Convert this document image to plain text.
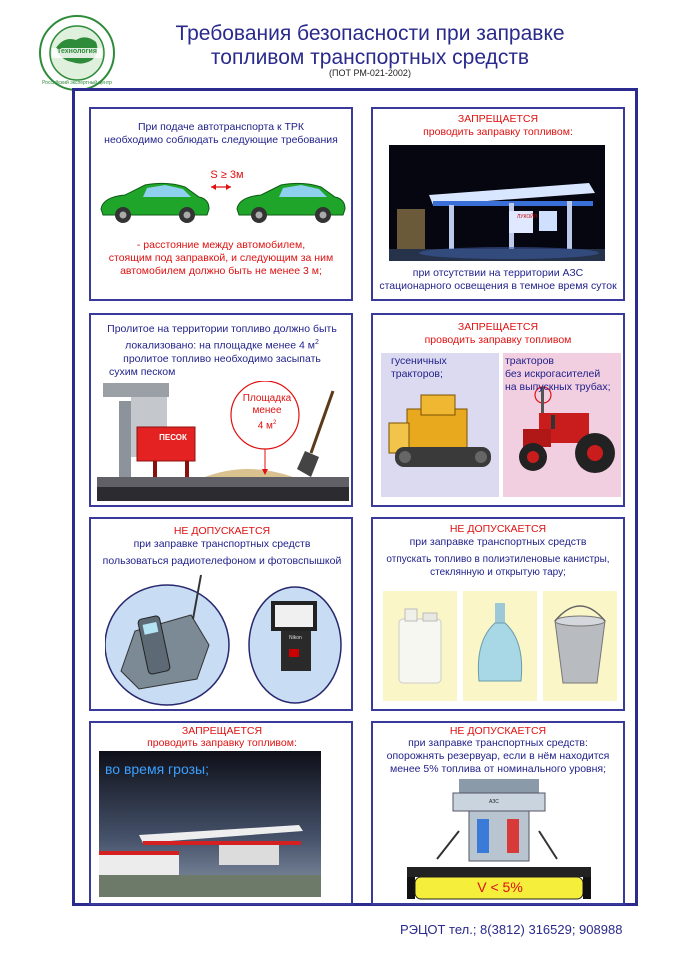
Технология
Российский экспертный центр
Требования безопасности при заправке
топливом транспортных средств
(ПОТ РМ-021-2002)
При подаче автотранспорта к ТРК
необходимо соблюдать следующие требования
S ≥ 3м
- расстояние между автомобилем,
стоящим под заправкой, и следующим за ним
автомобилем должно быть не менее 3 м;
ЗАПРЕЩАЕТСЯ
проводить заправку топливом:
ЛУКОЙЛ
при отсутствии на территории АЗС
стационарного освещения в темное время суток
Пролитое на территории топливо должно быть
локализовано: на площадке менее 4 $м^2$
пролитое топливо необходимо засыпать
сухим песком
ПЕСОК
Площадка
менее
4 $м^2$
ЗАПРЕЩАЕТСЯ
проводить заправку топливом
гусеничных
тракторов;
тракторов
без искрогасителей
на выпускных трубах;
НЕ ДОПУСКАЕТСЯ
при заправке транспортных средств
пользоваться радиотелефоном и фотовспышкой
Nikon
НЕ ДОПУСКАЕТСЯ
при заправке транспортных средств
отпускать топливо в полиэтиленовые канистры,
стеклянную и открытую тару;
ЗАПРЕЩАЕТСЯ
проводить заправку топливом:
во время грозы;
НЕ ДОПУСКАЕТСЯ
при заправке транспортных средств:
опорожнять резервуар, если в нём находится
менее 5% топлива от номинального уровня;
АЗС
V < 5%
РЭЦОТ тел.; 8(3812) 316529; 908988
